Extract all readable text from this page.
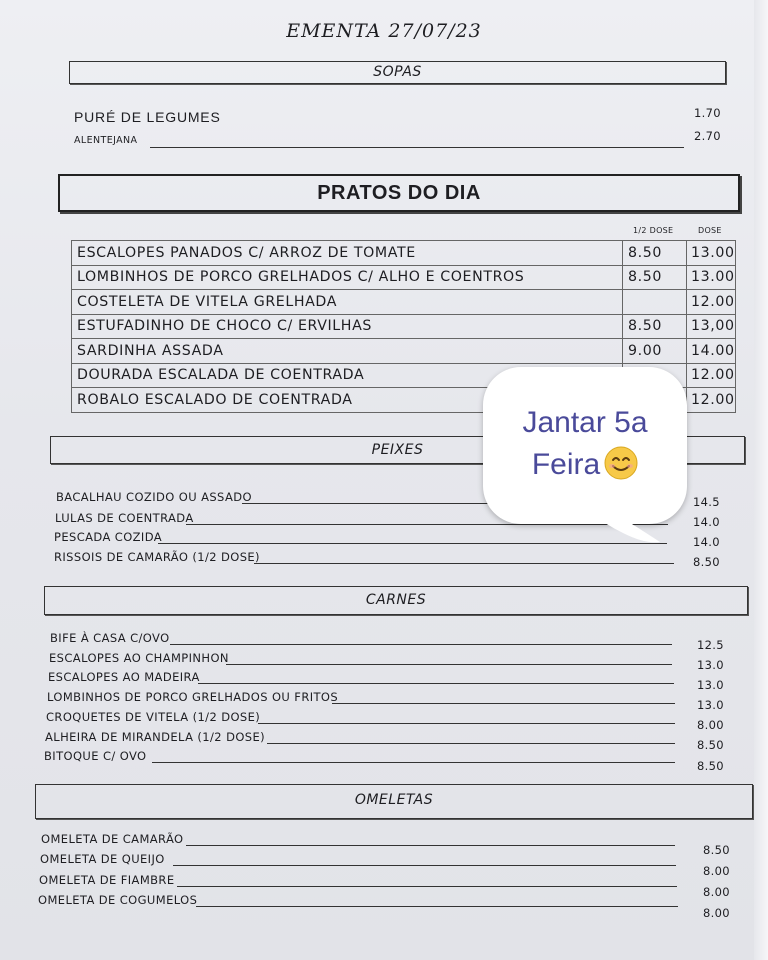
EMENTA 27/07/23
SOPAS
PURÉ DE LEGUMES	1.70
ALENTEJANA	2.70
PRATOS DO DIA
1/2 DOSE	DOSE
ESCALOPES PANADOS C/ ARROZ DE TOMATE	8.50	13.00
LOMBINHOS DE PORCO GRELHADOS C/ ALHO E COENTROS	8.50	13.00
COSTELETA DE VITELA GRELHADA		12.00
ESTUFADINHO DE CHOCO C/ ERVILHAS	8.50	13,00
SARDINHA ASSADA	9.00	14.00
DOURADA ESCALADA DE COENTRADA		12.00
ROBALO ESCALADO DE COENTRADA		12.00
PEIXES
BACALHAU COZIDO OU ASSADO	14.5
LULAS DE COENTRADA	14.0
PESCADA COZIDA	14.0
RISSOIS DE CAMARÃO (1/2 DOSE)	8.50
CARNES
BIFE À CASA C/OVO	12.5
ESCALOPES AO CHAMPINHON	13.0
ESCALOPES AO MADEIRA
13.0
LOMBINHOS DE PORCO GRELHADOS OU FRITOS
13.0
CROQUETES DE VITELA (1/2 DOSE)
8.00
ALHEIRA DE MIRANDELA (1/2 DOSE)
8.50
BITOQUE C/ OVO
8.50
OMELETAS
OMELETA DE CAMARÃO
8.50
OMELETA DE QUEIJO
8.00
OMELETA DE FIAMBRE
8.00
OMELETA DE COGUMELOS
8.00
Jantar 5a
Feira
